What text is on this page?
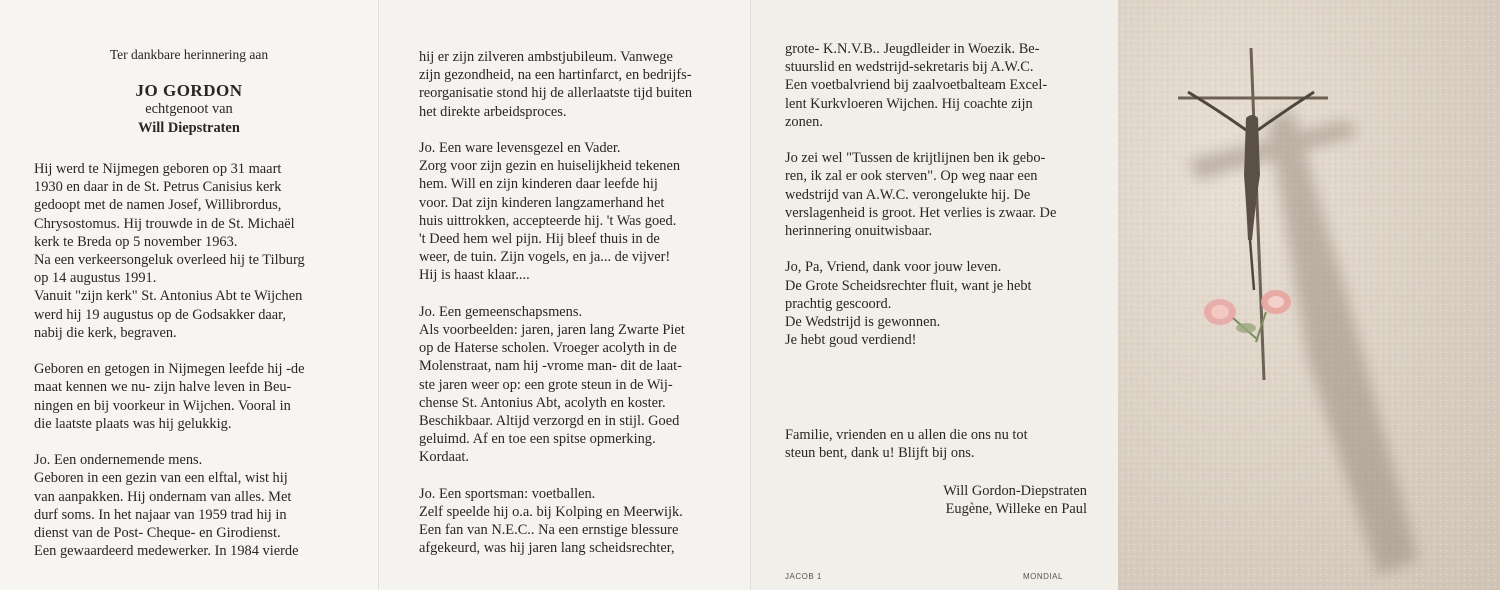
Ter dankbare herinnering aan
JO GORDON
echtgenoot van
Will Diepstraten
Hij werd te Nijmegen geboren op 31 maart
1930 en daar in de St. Petrus Canisius kerk
gedoopt met de namen Josef, Willibrordus,
Chrysostomus. Hij trouwde in de St. Michaël
kerk te Breda op 5 november 1963.
Na een verkeersongeluk overleed hij te Tilburg
op 14 augustus 1991.
Vanuit "zijn kerk" St. Antonius Abt te Wijchen
werd hij 19 augustus op de Godsakker daar,
nabij die kerk, begraven.
Geboren en getogen in Nijmegen leefde hij -de
maat kennen we nu- zijn halve leven in Beu-
ningen en bij voorkeur in Wijchen. Vooral in
die laatste plaats was hij gelukkig.
Jo. Een ondernemende mens.
Geboren in een gezin van een elftal, wist hij
van aanpakken. Hij ondernam van alles. Met
durf soms. In het najaar van 1959 trad hij in
dienst van de Post- Cheque- en Girodienst.
Een gewaardeerd medewerker. In 1984 vierde
hij er zijn zilveren ambstjubileum. Vanwege
zijn gezondheid, na een hartinfarct, en bedrijfs-
reorganisatie stond hij de allerlaatste tijd buiten
het direkte arbeidsproces.
Jo. Een ware levensgezel en Vader.
Zorg voor zijn gezin en huiselijkheid tekenen
hem. Will en zijn kinderen daar leefde hij
voor. Dat zijn kinderen langzamerhand het
huis uittrokken, accepteerde hij. 't Was goed.
't Deed hem wel pijn. Hij bleef thuis in de
weer, de tuin. Zijn vogels, en ja... de vijver!
Hij is haast klaar....
Jo. Een gemeenschapsmens.
Als voorbeelden: jaren, jaren lang Zwarte Piet
op de Haterse scholen. Vroeger acolyth in de
Molenstraat, nam hij -vrome man- dit de laat-
ste jaren weer op: een grote steun in de Wij-
chense St. Antonius Abt, acolyth en koster.
Beschikbaar. Altijd verzorgd en in stijl. Goed
geluimd. Af en toe een spitse opmerking.
Kordaat.
Jo. Een sportsman: voetballen.
Zelf speelde hij o.a. bij Kolping en Meerwijk.
Een fan van N.E.C.. Na een ernstige blessure
afgekeurd, was hij jaren lang scheidsrechter,
grote- K.N.V.B.. Jeugdleider in Woezik. Be-
stuurslid en wedstrijd-sekretaris bij A.W.C.
Een voetbalvriend bij zaalvoetbalteam Excel-
lent Kurkvloeren Wijchen. Hij coachte zijn
zonen.
Jo zei wel "Tussen de krijtlijnen ben ik gebo-
ren, ik zal er ook sterven". Op weg naar een
wedstrijd van A.W.C. verongelukte hij. De
verslagenheid is groot. Het verlies is zwaar. De
herinnering onuitwisbaar.
Jo, Pa, Vriend, dank voor jouw leven.
De Grote Scheidsrechter fluit, want je hebt
prachtig gescoord.
De Wedstrijd is gewonnen.
Je hebt goud verdiend!
Familie, vrienden en u allen die ons nu tot
steun bent, dank u! Blijft bij ons.
Will Gordon-Diepstraten
Eugène, Willeke en Paul
JACOB 1	MONDIAL
